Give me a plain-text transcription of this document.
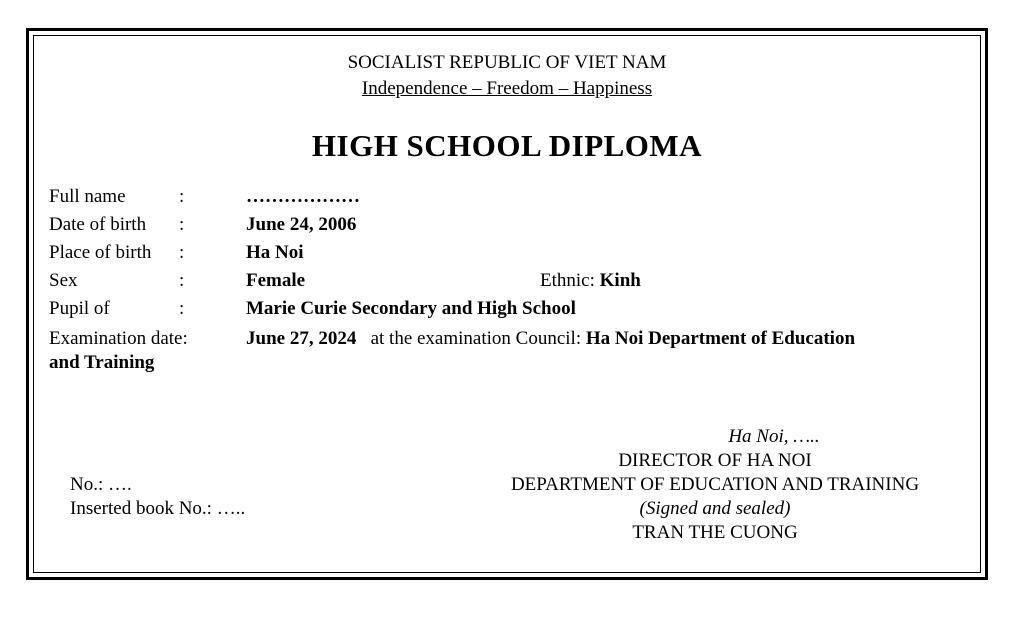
SOCIALIST REPUBLIC OF VIET NAM
Independence – Freedom – Happiness
HIGH SCHOOL DIPLOMA
Full name	:	………………
Date of birth :	June 24, 2006
Place of birth :	Ha Noi
Sex	:	Female	Ethnic: Kinh
Pupil of	:	Marie Curie Secondary and High School
Examination date:	June 27, 2024 at the examination Council: Ha Noi Department of Education
and Training
No.: ….
Inserted book No.: …..
Ha Noi, …..
DIRECTOR OF HA NOI
DEPARTMENT OF EDUCATION AND TRAINING
(Signed and sealed)
TRAN THE CUONG
